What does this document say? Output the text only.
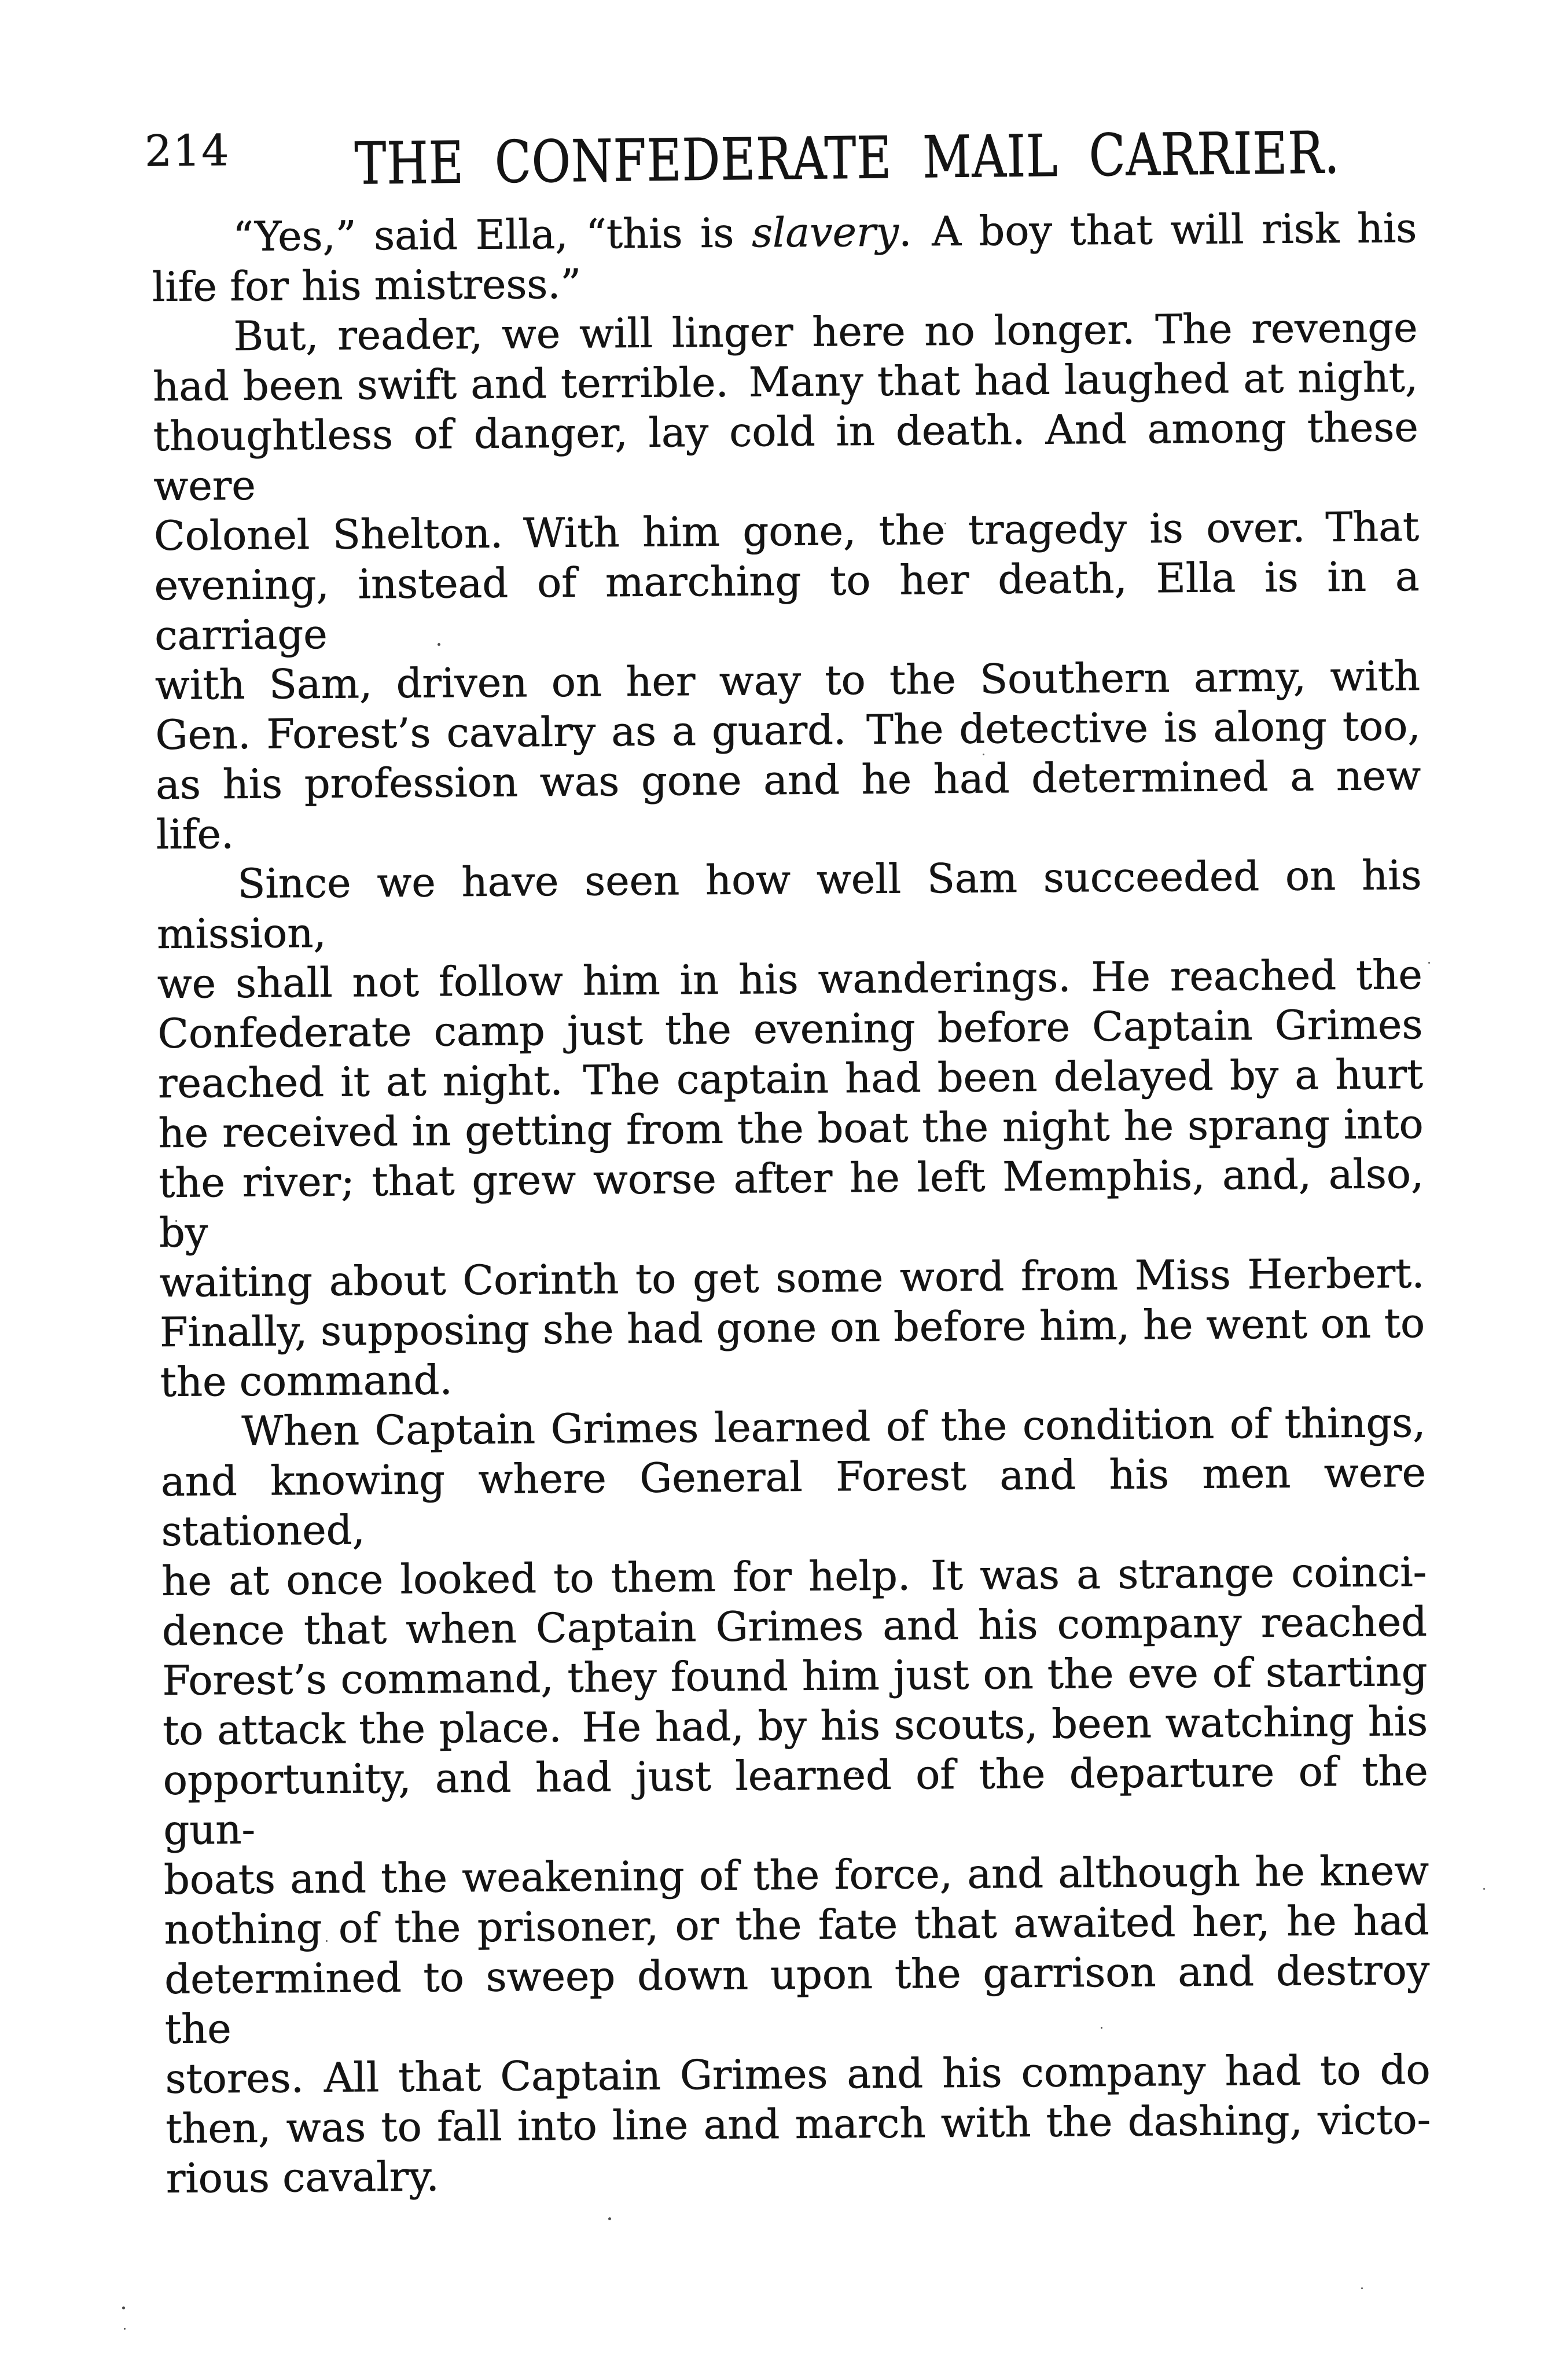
214	THE CONFEDERATE MAIL CARRIER.
“Yes,” said Ella, “this is slavery. A boy that will risk his
life for his mistress.”
But, reader, we will linger here no longer. The revenge
had been swift and terrible. Many that had laughed at night,
thoughtless of danger, lay cold in death. And among these were
Colonel Shelton. With him gone, the tragedy is over. That
evening, instead of marching to her death, Ella is in a carriage
with Sam, driven on her way to the Southern army, with
Gen. Forest’s cavalry as a guard. The detective is along too,
as his profession was gone and he had determined a new life.
Since we have seen how well Sam succeeded on his mission,
we shall not follow him in his wanderings. He reached the
Confederate camp just the evening before Captain Grimes
reached it at night. The captain had been delayed by a hurt
he received in getting from the boat the night he sprang into
the river; that grew worse after he left Memphis, and, also, by
waiting about Corinth to get some word from Miss Herbert.
Finally, supposing she had gone on before him, he went on to
the command.
When Captain Grimes learned of the condition of things,
and knowing where General Forest and his men were stationed,
he at once looked to them for help. It was a strange coinci-
dence that when Captain Grimes and his company reached
Forest’s command, they found him just on the eve of starting
to attack the place. He had, by his scouts, been watching his
opportunity, and had just learned of the departure of the gun-
boats and the weakening of the force, and although he knew
nothing of the prisoner, or the fate that awaited her, he had
determined to sweep down upon the garrison and destroy the
stores. All that Captain Grimes and his company had to do
then, was to fall into line and march with the dashing, victo-
rious cavalry.
